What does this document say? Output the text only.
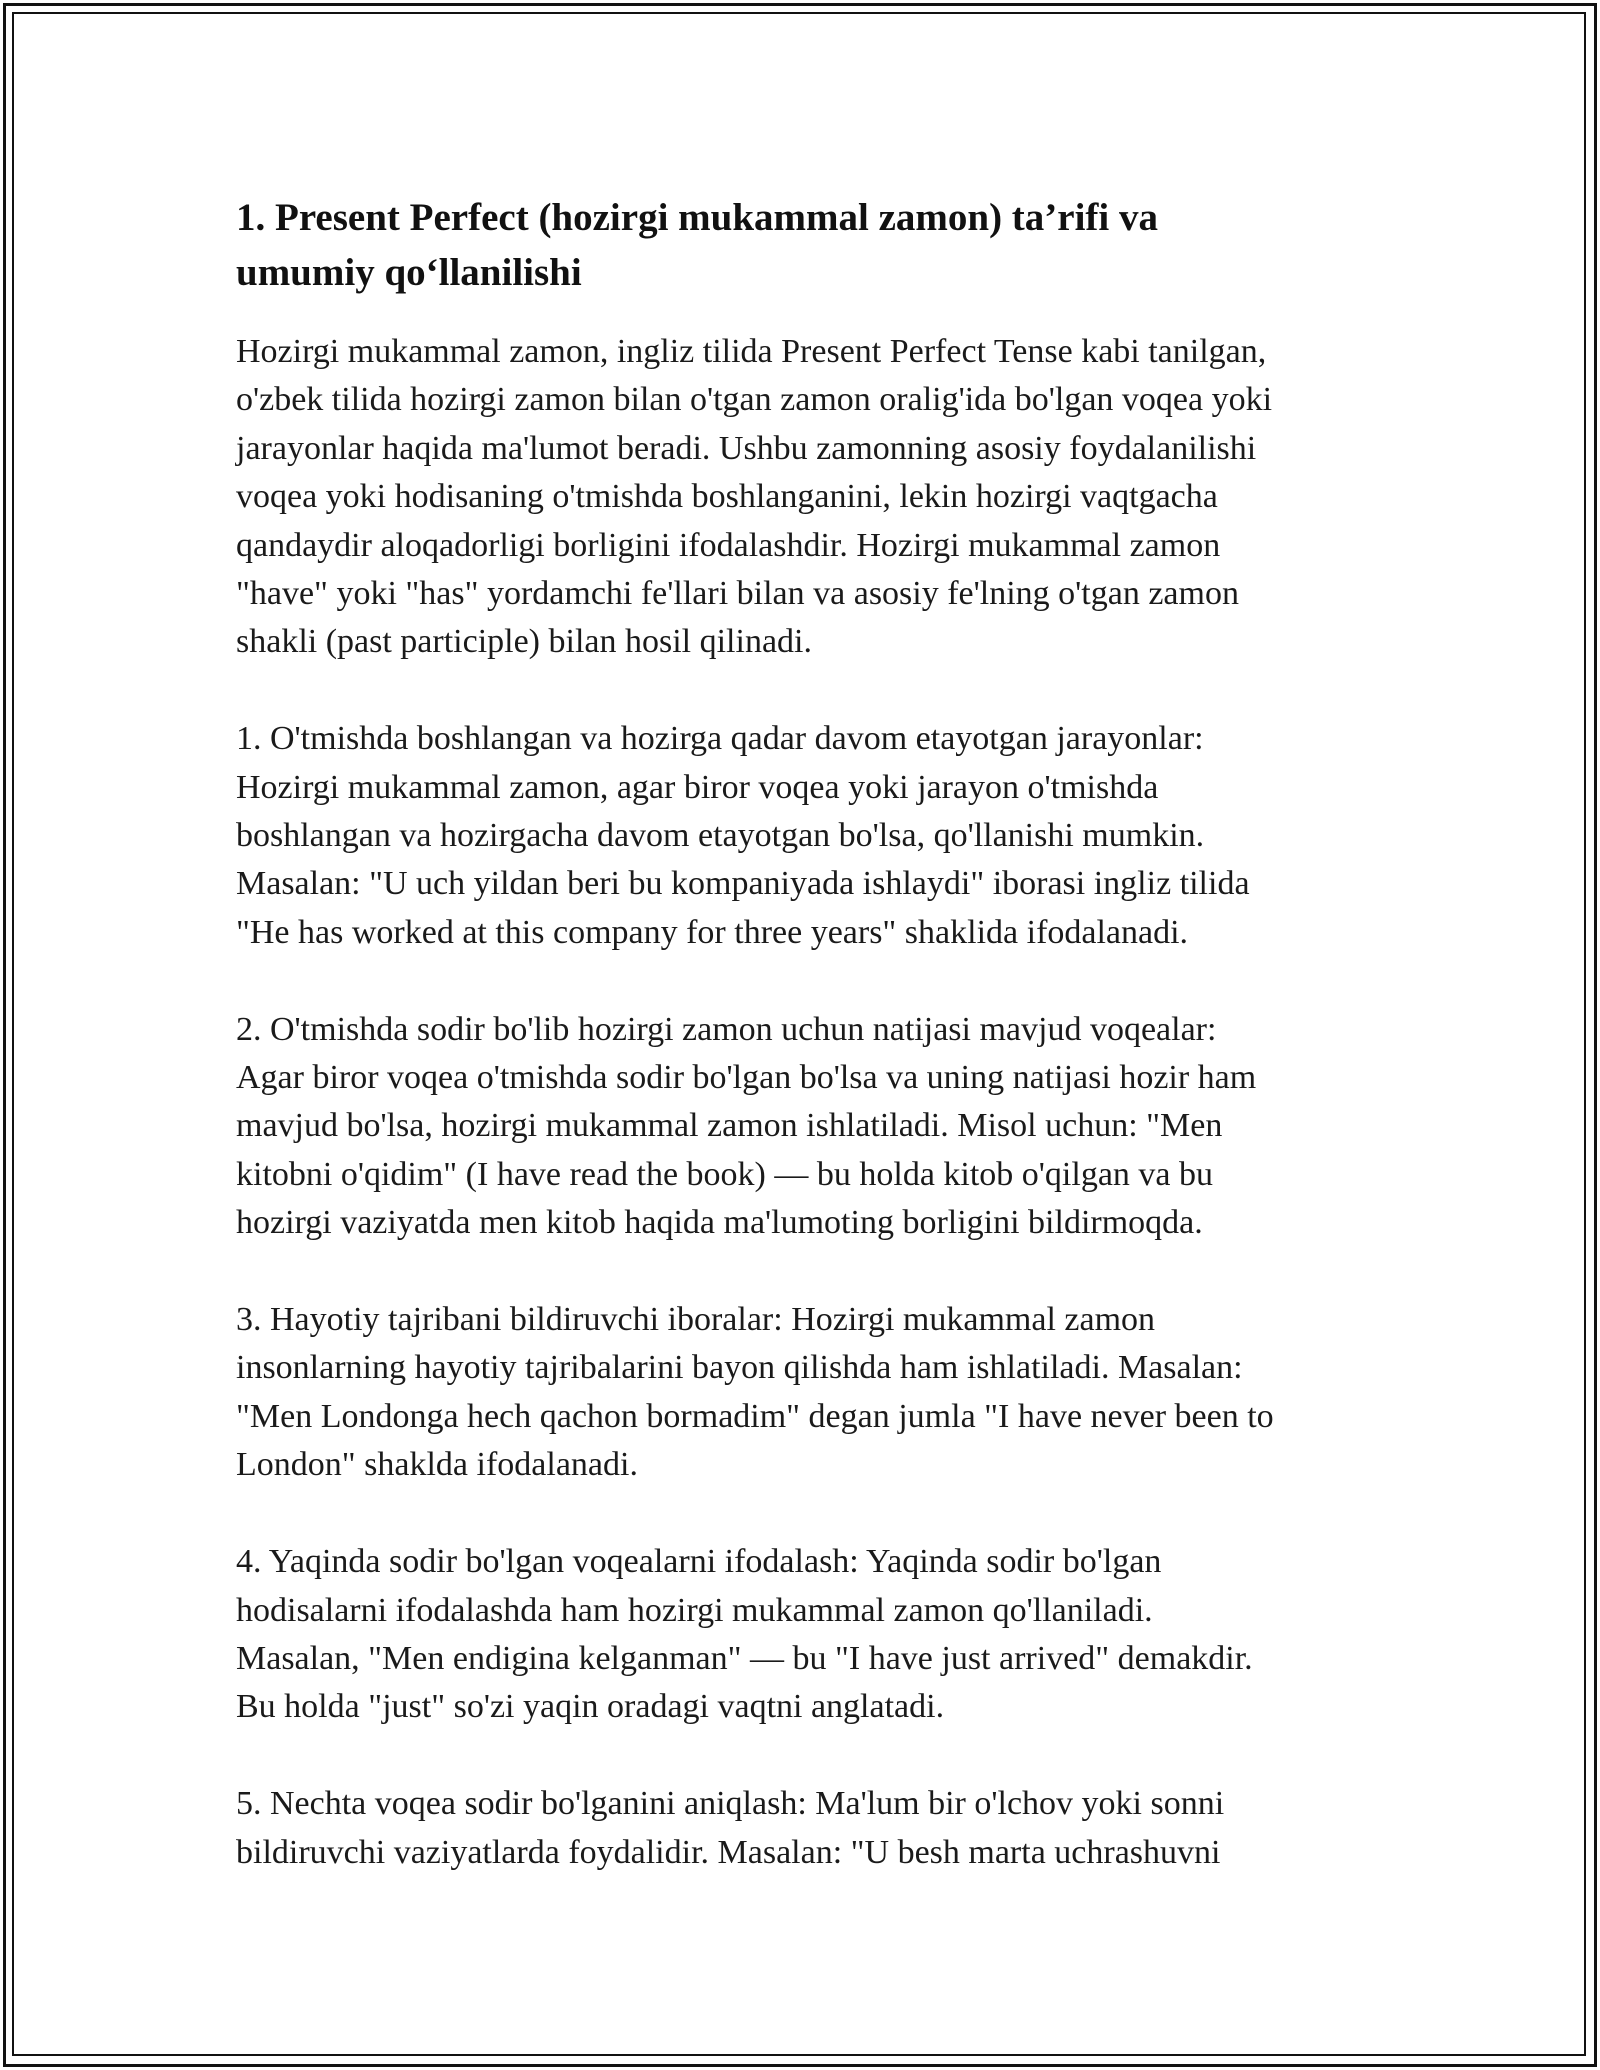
1. Present Perfect (hozirgi mukammal zamon) ta’rifi va
umumiy qo‘llanilishi

Hozirgi mukammal zamon, ingliz tilida Present Perfect Tense kabi tanilgan,
o'zbek tilida hozirgi zamon bilan o'tgan zamon oralig'ida bo'lgan voqea yoki
jarayonlar haqida ma'lumot beradi. Ushbu zamonning asosiy foydalanilishi
voqea yoki hodisaning o'tmishda boshlanganini, lekin hozirgi vaqtgacha
qandaydir aloqadorligi borligini ifodalashdir. Hozirgi mukammal zamon
"have" yoki "has" yordamchi fe'llari bilan va asosiy fe'lning o'tgan zamon
shakli (past participle) bilan hosil qilinadi.

1. O'tmishda boshlangan va hozirga qadar davom etayotgan jarayonlar:
Hozirgi mukammal zamon, agar biror voqea yoki jarayon o'tmishda
boshlangan va hozirgacha davom etayotgan bo'lsa, qo'llanishi mumkin.
Masalan: "U uch yildan beri bu kompaniyada ishlaydi" iborasi ingliz tilida
"He has worked at this company for three years" shaklida ifodalanadi.

2. O'tmishda sodir bo'lib hozirgi zamon uchun natijasi mavjud voqealar:
Agar biror voqea o'tmishda sodir bo'lgan bo'lsa va uning natijasi hozir ham
mavjud bo'lsa, hozirgi mukammal zamon ishlatiladi. Misol uchun: "Men
kitobni o'qidim" (I have read the book) — bu holda kitob o'qilgan va bu
hozirgi vaziyatda men kitob haqida ma'lumoting borligini bildirmoqda.

3. Hayotiy tajribani bildiruvchi iboralar: Hozirgi mukammal zamon
insonlarning hayotiy tajribalarini bayon qilishda ham ishlatiladi. Masalan:
"Men Londonga hech qachon bormadim" degan jumla "I have never been to
London" shaklda ifodalanadi.

4. Yaqinda sodir bo'lgan voqealarni ifodalash: Yaqinda sodir bo'lgan
hodisalarni ifodalashda ham hozirgi mukammal zamon qo'llaniladi.
Masalan, "Men endigina kelganman" — bu "I have just arrived" demakdir.
Bu holda "just" so'zi yaqin oradagi vaqtni anglatadi.

5. Nechta voqea sodir bo'lganini aniqlash: Ma'lum bir o'lchov yoki sonni
bildiruvchi vaziyatlarda foydalidir. Masalan: "U besh marta uchrashuvni
